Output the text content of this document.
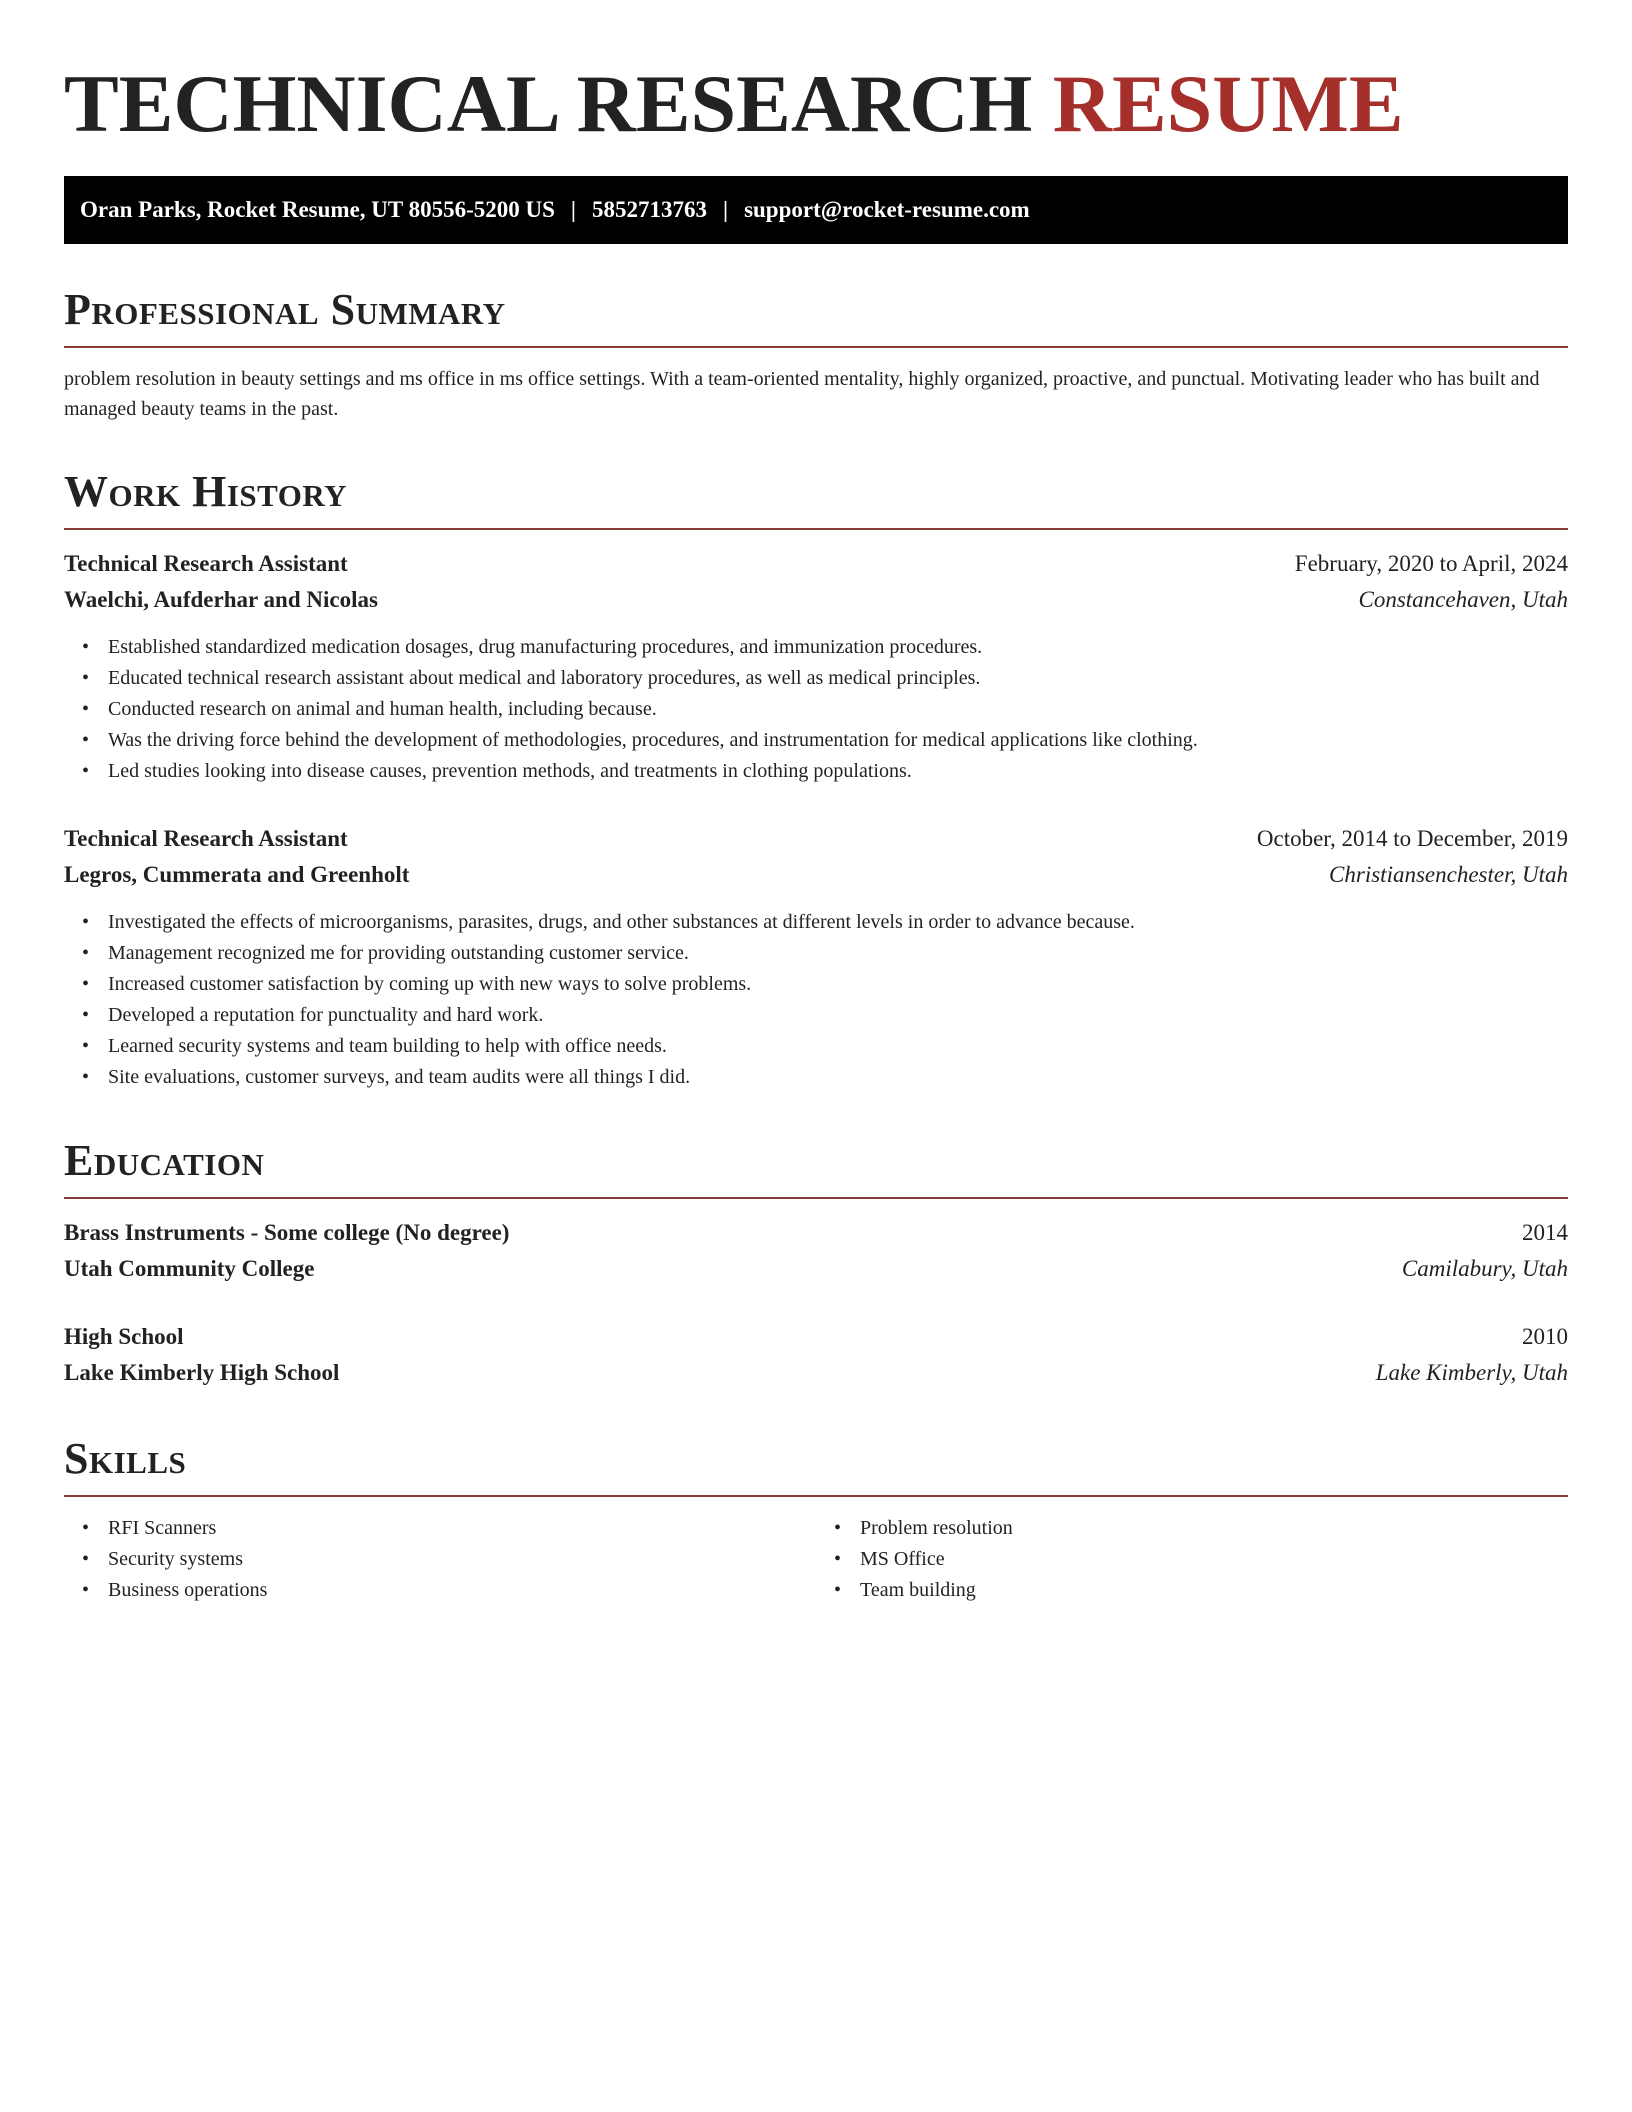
TECHNICAL RESEARCH RESUME
Oran Parks, Rocket Resume, UT 80556-5200 US | 5852713763 | support@rocket-resume.com
Professional Summary

problem resolution in beauty settings and ms office in ms office settings. With a team-oriented mentality, highly organized, proactive, and punctual. Motivating leader who has built and managed beauty teams in the past.

Work History
Technical Research Assistant	February, 2020 to April, 2024
Waelchi, Aufderhar and Nicolas	Constancehaven, Utah
• Established standardized medication dosages, drug manufacturing procedures, and immunization procedures.
• Educated technical research assistant about medical and laboratory procedures, as well as medical principles.
• Conducted research on animal and human health, including because.
• Was the driving force behind the development of methodologies, procedures, and instrumentation for medical applications like clothing.
• Led studies looking into disease causes, prevention methods, and treatments in clothing populations.
Technical Research Assistant	October, 2014 to December, 2019
Legros, Cummerata and Greenholt	Christiansenchester, Utah
• Investigated the effects of microorganisms, parasites, drugs, and other substances at different levels in order to advance because.
• Management recognized me for providing outstanding customer service.
• Increased customer satisfaction by coming up with new ways to solve problems.
• Developed a reputation for punctuality and hard work.
• Learned security systems and team building to help with office needs.
• Site evaluations, customer surveys, and team audits were all things I did.
Education
Brass Instruments - Some college (No degree)	2014
Utah Community College	Camilabury, Utah
High School	2010
Lake Kimberly High School	Lake Kimberly, Utah
Skills
• RFI Scanners
• Security systems
• Business operations
• Problem resolution
• MS Office
• Team building
